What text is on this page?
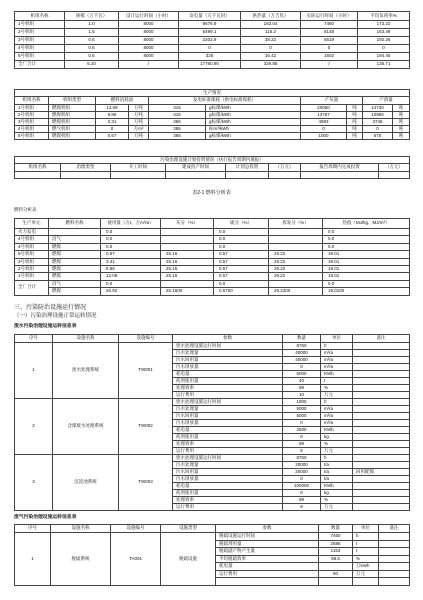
机组名称	规模（万千瓦）	设计运行时间（小时）	发电量（万千瓦时）	供热量（万吉焦）	实际运行时间（小时）	平均负荷率%
1号机组	1.0	8000	9676.9	163.04	7460	173.22
2号机组	1.5	8000	5499.1	115.2	6148	163.49
3号机组	0.6	8000	2202.9	38.22	5619	192.26
4号机组	0.6	8000	0	0	0	0
5号机组	0.6	8000	325	16.42	1602	194.45
全厂合计	5.10	/	17760.90	329.88	/	135.71
生产情况									
机组名称	机组类型	燃料消耗量		发电标准煤耗（供电标准煤耗）		产灰量		产渣量	
1号机组	燃煤机组	13.08	万吨	315	g标煤/kWh	20060	吨	14730	吨
2号机组	燃煤机组	8.86	万吨	315	g标煤/kWh	13767	吨	10965	吨
3号机组	燃煤机组	3.31	万吨	365	g标煤/kWh	4993	吨	3748	吨
4号机组	燃气机组	0	万m³	365	标m³/kWh	0	吨	0	吨
5号机组	燃煤机组	0.67	万吨	365	g标煤/kWh	1000	吨	670	吨
污染治理设施计划投资情况（执行报告周期内填报）							
机组名称	治理类型	开工时间	建成投产时间	计划总投资	（万元）	报告周期内完成投资	（万元）

表2-1 燃料分析表
燃料分析表
生产单元	燃料名称	使用量（万t、万m³/a）	灰分（%）	硫分（%）	挥发分（%）	热值（MJ/kg、MJ/m³）
火力发电		0.0		0.0		0.0
4号机组	沼气	0.0		0.0		0.0
4号机组	燃煤	0.0		0.0		0.0
5号机组	燃煤	0.67	25.16	0.57	29.22	19.01
3号机组	燃煤	3.31	25.16	0.57	29.22	19.01
2号机组	燃煤	8.86	25.16	0.57	29.22	19.01
1号机组	燃煤	13.08	25.16	0.57	29.22	19.01
全厂合计	沼气	0.0		0.0		0.0
	燃煤	25.92	25.1600	0.5700	29.2200	19.0100
三、污染防治设施运行情况
（一）污染治理设施正常运转情况
废水污染治理设施运转信息表
序号	设施名称	设施编号	参数	数量	单位	备注
1	废水处理系统	TW001	废水处理设施运行时间	8760	h	
			污水处理量	40000	m³/a	
			污水回用量	40000	m³/a	
			污水排放量	0	m³/a	
			耗电量	5000	KWh	
			药剂使用量	40	t	
			处理效率	99	%	
			运行费用	10	万元	
2	含煤废水处理系统	TW002	废水处理设施运行时间	1800	h	
			污水处理量	5000	m³/a	
			污水回用量	5000	m³/a	
			污水排放量	0	m³/a	
			耗电量	2500	KWh	
			药剂使用量	0	kg	
			处理效率	99	%	
			运行费用	5	万元	
3	沉淀池系统	TW003	废水处理设施运行时间	8760	h	
			污水处理量	20000	t/a	
			污水回用量	20000	t/a	回用配煤
			污水排放量	0	t/a	
			耗电量	100000	KWh	
			药剂使用量	0	kg	
			处理效率	99	%	
			运行费用	8	万元	
废气污染治理设施运转信息表
序号	设施名称	设施编号	设施类型	参数	数量	单位	备注
1	脱硫系统	TA001	脱硫设施	脱硫设施运行时间	7460	h	
				脱硫剂用量	2586	t	
				脱硫副产物产生量	1154	t	
				平均脱硫效率	98.5	%	
				耗电量		万kWh	
				运行费用	80	万元	
